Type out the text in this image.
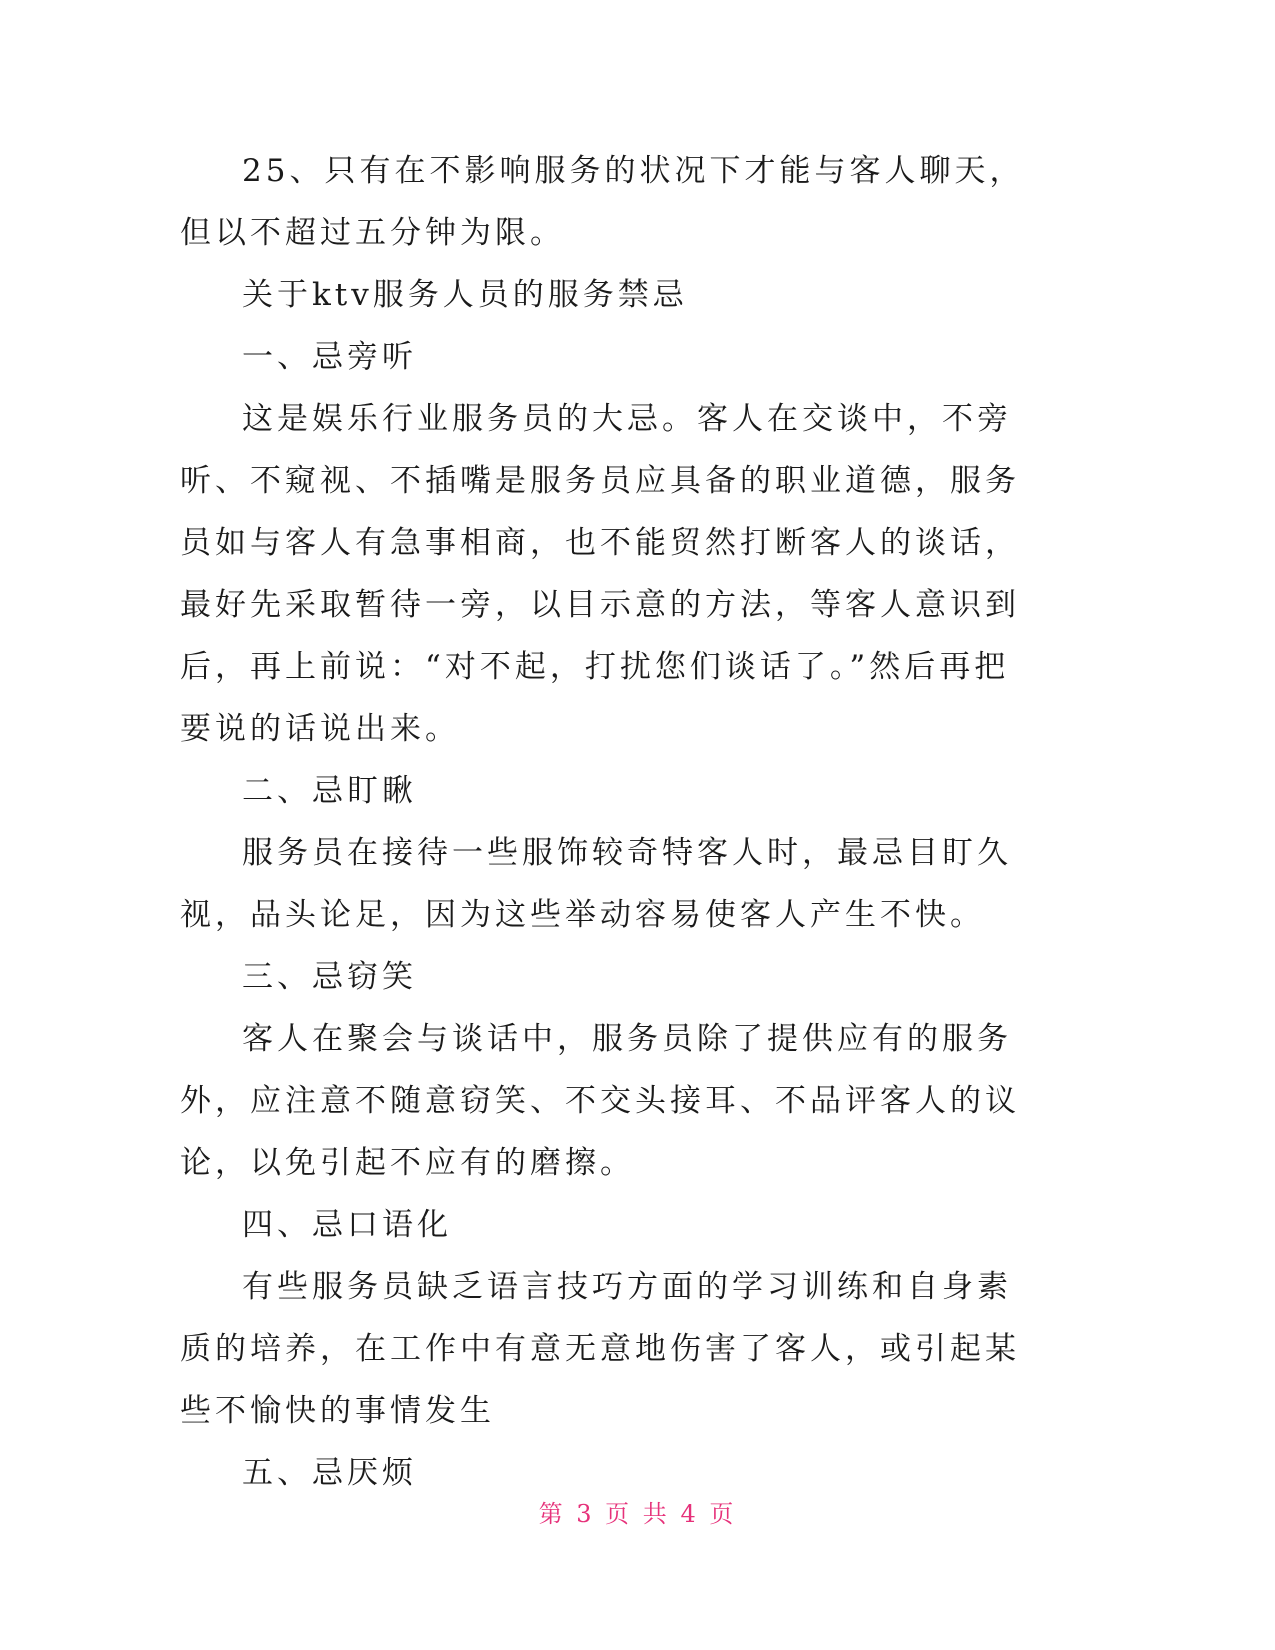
25、只有在不影响服务的状况下才能与客人聊天，但以不超过五分钟为限。

关于ktv服务人员的服务禁忌

一、忌旁听

这是娱乐行业服务员的大忌。客人在交谈中，不旁听、不窥视、不插嘴是服务员应具备的职业道德，服务员如与客人有急事相商，也不能贸然打断客人的谈话，最好先采取暂待一旁，以目示意的方法，等客人意识到后，再上前说：“对不起，打扰您们谈话了。”然后再把要说的话说出来。

二、忌盯瞅

服务员在接待一些服饰较奇特客人时，最忌目盯久视，品头论足，因为这些举动容易使客人产生不快。

三、忌窃笑

客人在聚会与谈话中，服务员除了提供应有的服务外，应注意不随意窃笑、不交头接耳、不品评客人的议论，以免引起不应有的磨擦。

四、忌口语化

有些服务员缺乏语言技巧方面的学习训练和自身素质的培养，在工作中有意无意地伤害了客人，或引起某些不愉快的事情发生

五、忌厌烦

第 3 页 共 4 页
